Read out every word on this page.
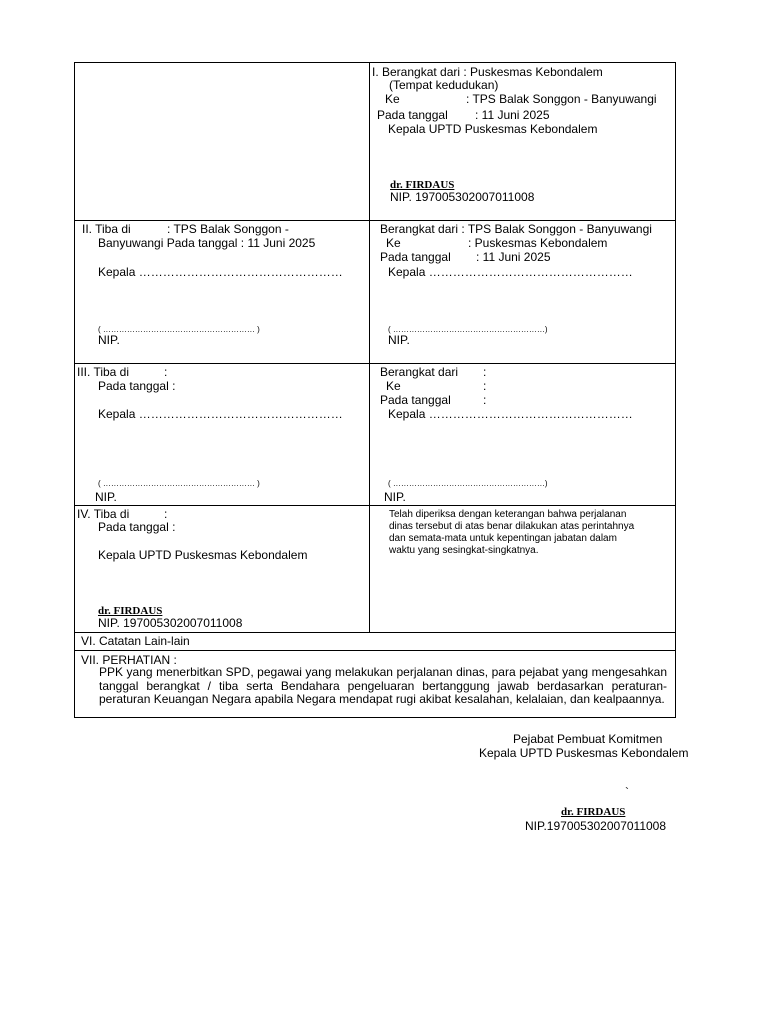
I. Berangkat dari : Puskesmas Kebondalem
(Tempat kedudukan)
Ke	: TPS Balak Songgon - Banyuwangi
Pada tanggal : 11 Juni 2025
Kepala UPTD Puskesmas Kebondalem
dr. FIRDAUS
NIP. 197005302007011008
II. Tiba di	: TPS Balak Songgon -
Banyuwangi Pada tanggal : 11 Juni 2025
Kepala ……………………………………………
( ………………………………………………… )
NIP.
Berangkat dari : TPS Balak Songgon - Banyuwangi
Ke	: Puskesmas Kebondalem
Pada tanggal : 11 Juni 2025
Kepala ……………………………………………
( …………………………………………………)
NIP.
III. Tiba di	:
Pada tanggal :
Kepala ……………………………………………
( ………………………………………………… )
NIP.
Berangkat dari :
Ke	:
Pada tanggal	:
Kepala ……………………………………………
( …………………………………………………)
NIP.
IV. Tiba di	:
Pada tanggal :
Kepala UPTD Puskesmas Kebondalem
dr. FIRDAUS
NIP. 197005302007011008
Telah diperiksa dengan keterangan bahwa perjalanan
dinas tersebut di atas benar dilakukan atas perintahnya
dan semata-mata untuk kepentingan jabatan dalam
waktu yang sesingkat-singkatnya.
VI. Catatan Lain-lain
VII. PERHATIAN :
PPK yang menerbitkan SPD, pegawai yang melakukan perjalanan dinas, para pejabat yang mengesahkan tanggal berangkat / tiba serta Bendahara pengeluaran bertanggung jawab berdasarkan peraturan-peraturan Keuangan Negara apabila Negara mendapat rugi akibat kesalahan, kelalaian, dan kealpaannya.
Pejabat Pembuat Komitmen
Kepala UPTD Puskesmas Kebondalem
`
dr. FIRDAUS
NIP.197005302007011008
